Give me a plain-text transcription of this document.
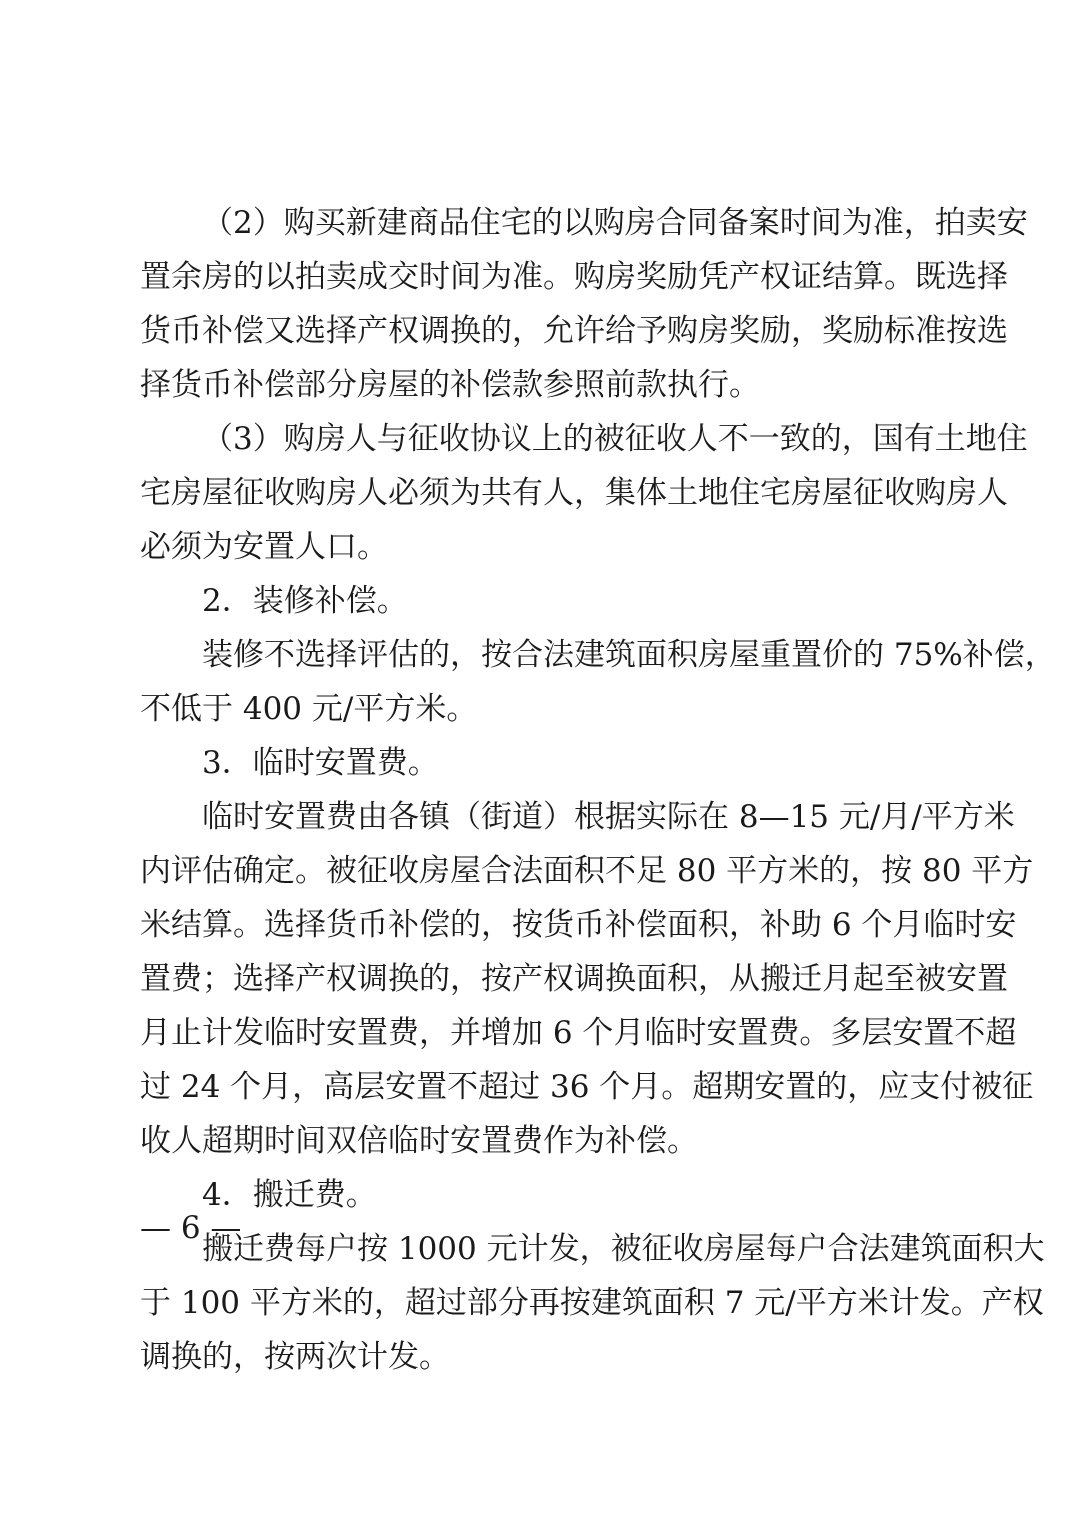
（2）购买新建商品住宅的以购房合同备案时间为准，拍卖安
置余房的以拍卖成交时间为准。购房奖励凭产权证结算。既选择
货币补偿又选择产权调换的，允许给予购房奖励，奖励标准按选
择货币补偿部分房屋的补偿款参照前款执行。
（3）购房人与征收协议上的被征收人不一致的，国有土地住
宅房屋征收购房人必须为共有人，集体土地住宅房屋征收购房人
必须为安置人口。
2．装修补偿。
装修不选择评估的，按合法建筑面积房屋重置价的 75%补偿，
不低于 400 元/平方米。
3．临时安置费。
临时安置费由各镇（街道）根据实际在 8—15 元/月/平方米
内评估确定。被征收房屋合法面积不足 80 平方米的，按 80 平方
米结算。选择货币补偿的，按货币补偿面积，补助 6 个月临时安
置费；选择产权调换的，按产权调换面积，从搬迁月起至被安置
月止计发临时安置费，并增加 6 个月临时安置费。多层安置不超
过 24 个月，高层安置不超过 36 个月。超期安置的，应支付被征
收人超期时间双倍临时安置费作为补偿。
4．搬迁费。
搬迁费每户按 1000 元计发，被征收房屋每户合法建筑面积大
于 100 平方米的，超过部分再按建筑面积 7 元/平方米计发。产权
调换的，按两次计发。
— 6 —
